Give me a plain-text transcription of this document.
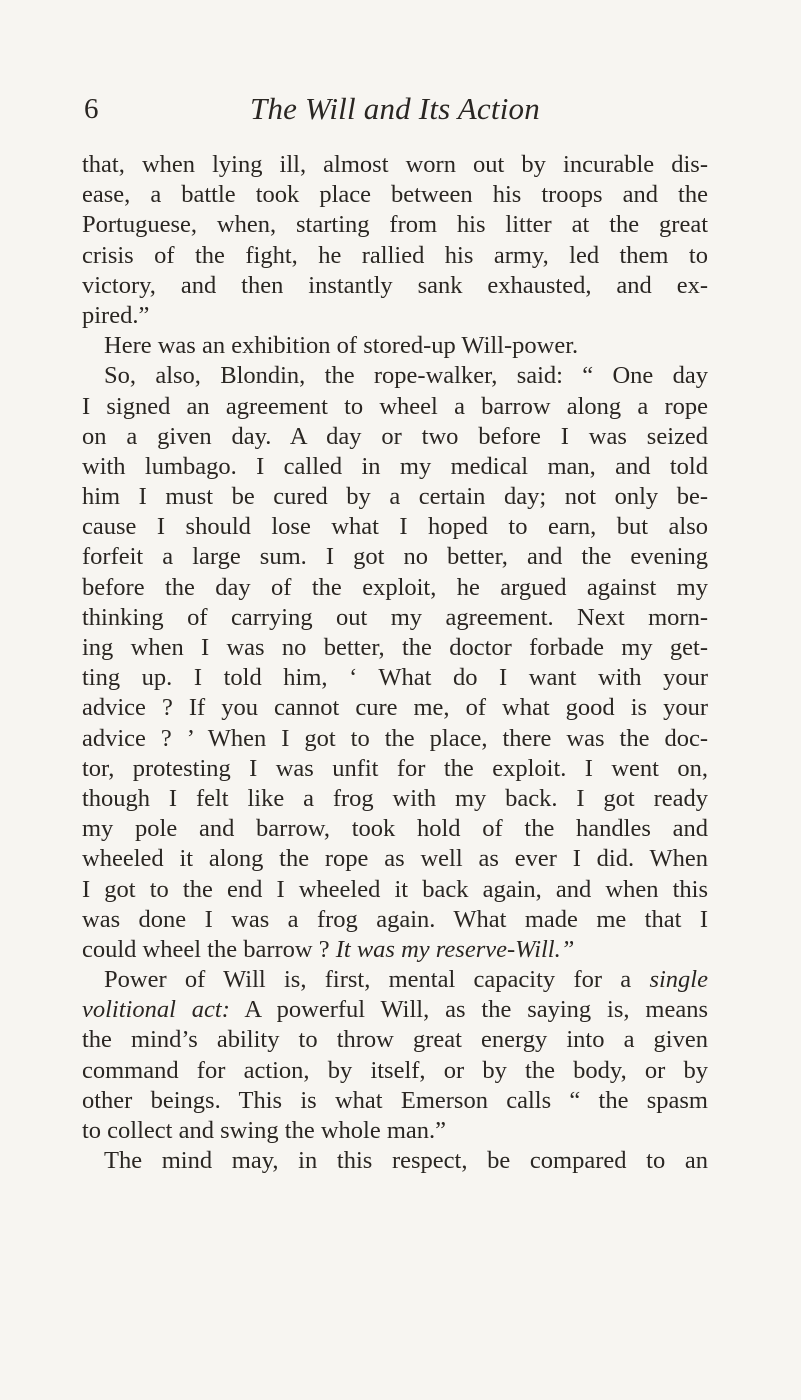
6	The Will and Its Action
that, when lying ill, almost worn out by incurable dis-
ease, a battle took place between his troops and the
Portuguese, when, starting from his litter at the great
crisis of the fight, he rallied his army, led them to
victory, and then instantly sank exhausted, and ex-
pired.”
Here was an exhibition of stored-up Will-power.
So, also, Blondin, the rope-walker, said: “ One day
I signed an agreement to wheel a barrow along a rope
on a given day. A day or two before I was seized
with lumbago. I called in my medical man, and told
him I must be cured by a certain day; not only be-
cause I should lose what I hoped to earn, but also
forfeit a large sum. I got no better, and the evening
before the day of the exploit, he argued against my
thinking of carrying out my agreement. Next morn-
ing when I was no better, the doctor forbade my get-
ting up. I told him, ‘ What do I want with your
advice ? If you cannot cure me, of what good is your
advice ? ’ When I got to the place, there was the doc-
tor, protesting I was unfit for the exploit. I went on,
though I felt like a frog with my back. I got ready
my pole and barrow, took hold of the handles and
wheeled it along the rope as well as ever I did. When
I got to the end I wheeled it back again, and when this
was done I was a frog again. What made me that I
could wheel the barrow ? It was my reserve-Will.”
Power of Will is, first, mental capacity for a single
volitional act: A powerful Will, as the saying is, means
the mind’s ability to throw great energy into a given
command for action, by itself, or by the body, or by
other beings. This is what Emerson calls “ the spasm
to collect and swing the whole man.”
The mind may, in this respect, be compared to an
